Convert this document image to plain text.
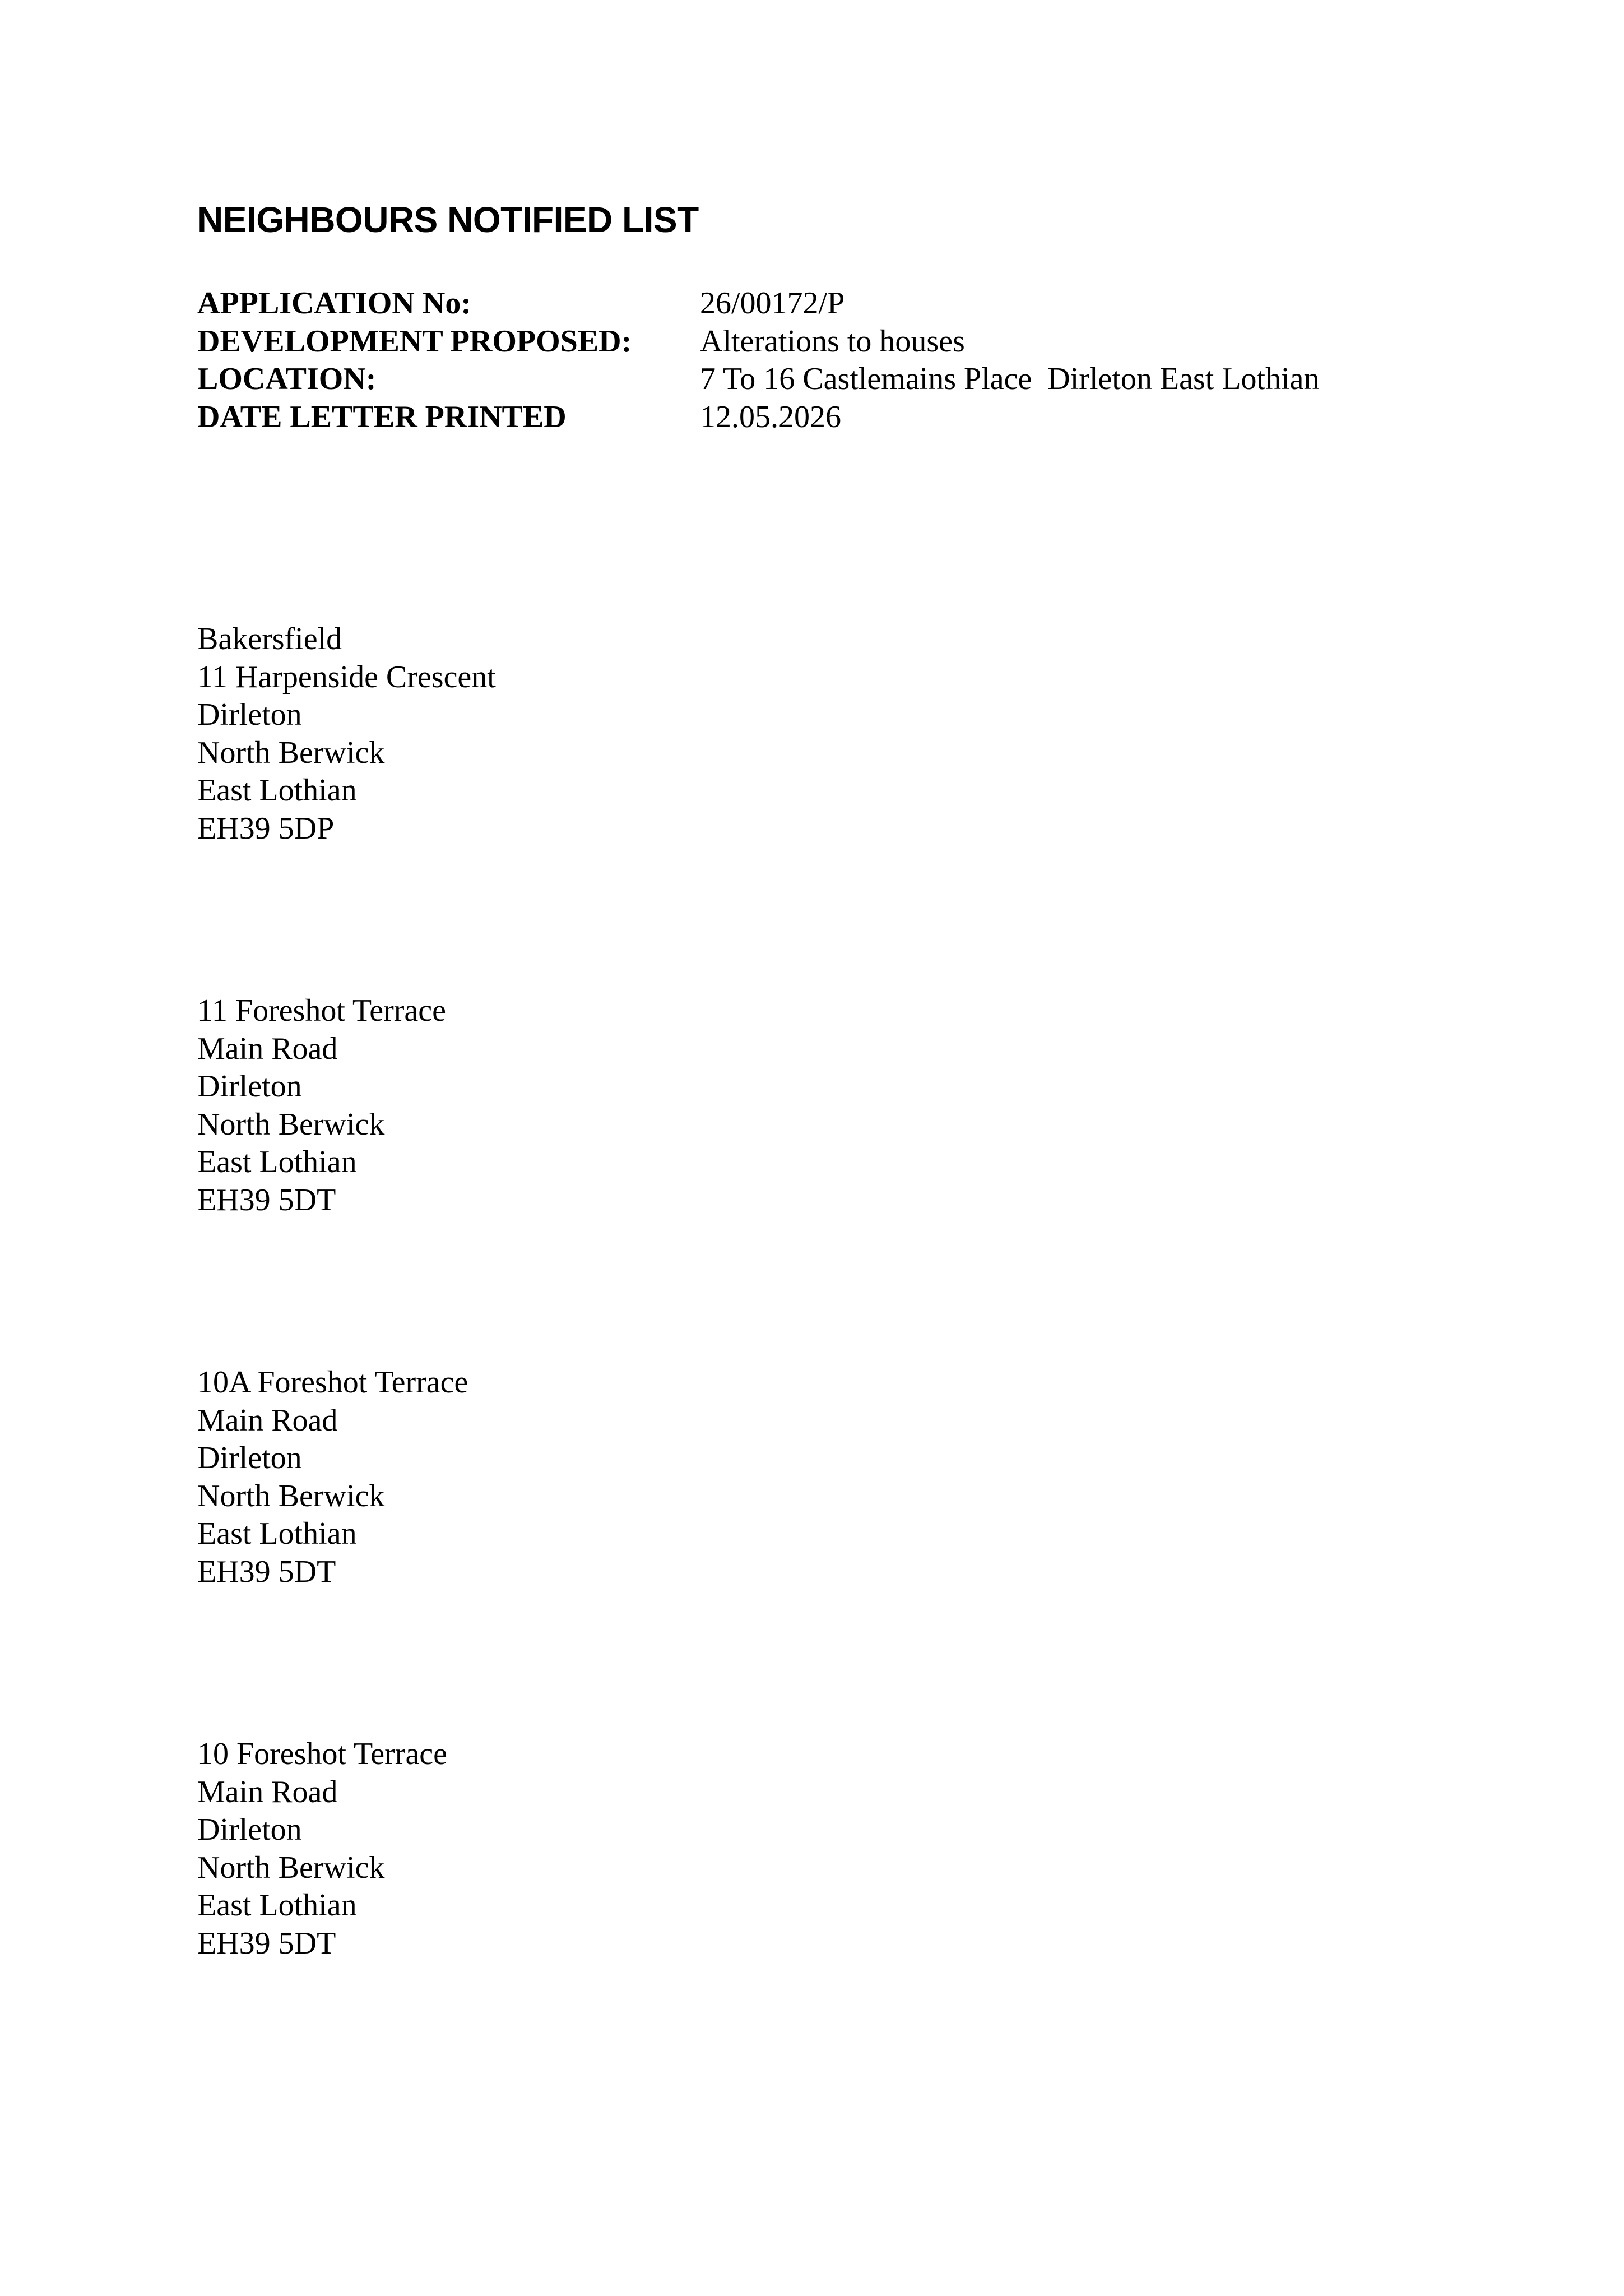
NEIGHBOURS NOTIFIED LIST
APPLICATION No:	26/00172/P
DEVELOPMENT PROPOSED: Alterations to houses
LOCATION:	7 To 16 Castlemains Place  Dirleton East Lothian
DATE LETTER PRINTED	12.05.2026
Bakersfield
11 Harpenside Crescent
Dirleton
North Berwick
East Lothian
EH39 5DP
11 Foreshot Terrace
Main Road
Dirleton
North Berwick
East Lothian
EH39 5DT
10A Foreshot Terrace
Main Road
Dirleton
North Berwick
East Lothian
EH39 5DT
10 Foreshot Terrace
Main Road
Dirleton
North Berwick
East Lothian
EH39 5DT
